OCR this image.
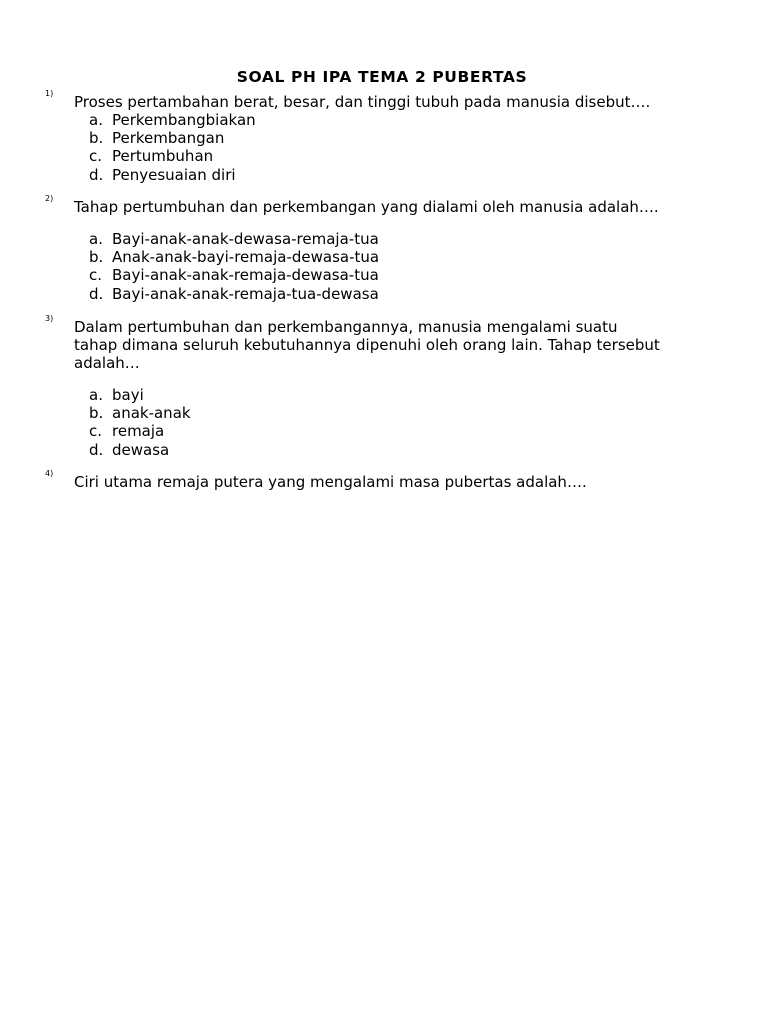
SOAL PH IPA TEMA 2 PUBERTAS
1) Proses pertambahan berat, besar, dan tinggi tubuh pada manusia disebut….

a. Perkembangbiakan
b. Perkembangan
c. Pertumbuhan
d. Penyesuaian diri
2) Tahap pertumbuhan dan perkembangan yang dialami oleh manusia adalah….

a. Bayi-anak-anak-dewasa-remaja-tua
b. Anak-anak-bayi-remaja-dewasa-tua
c. Bayi-anak-anak-remaja-dewasa-tua
d. Bayi-anak-anak-remaja-tua-dewasa
3) Dalam pertumbuhan dan perkembangannya, manusia mengalami suatu tahap dimana seluruh kebutuhannya dipenuhi oleh orang lain. Tahap tersebut adalah…

a. bayi
b. anak-anak
c. remaja
d. dewasa
4) Ciri utama remaja putera yang mengalami masa pubertas adalah….
